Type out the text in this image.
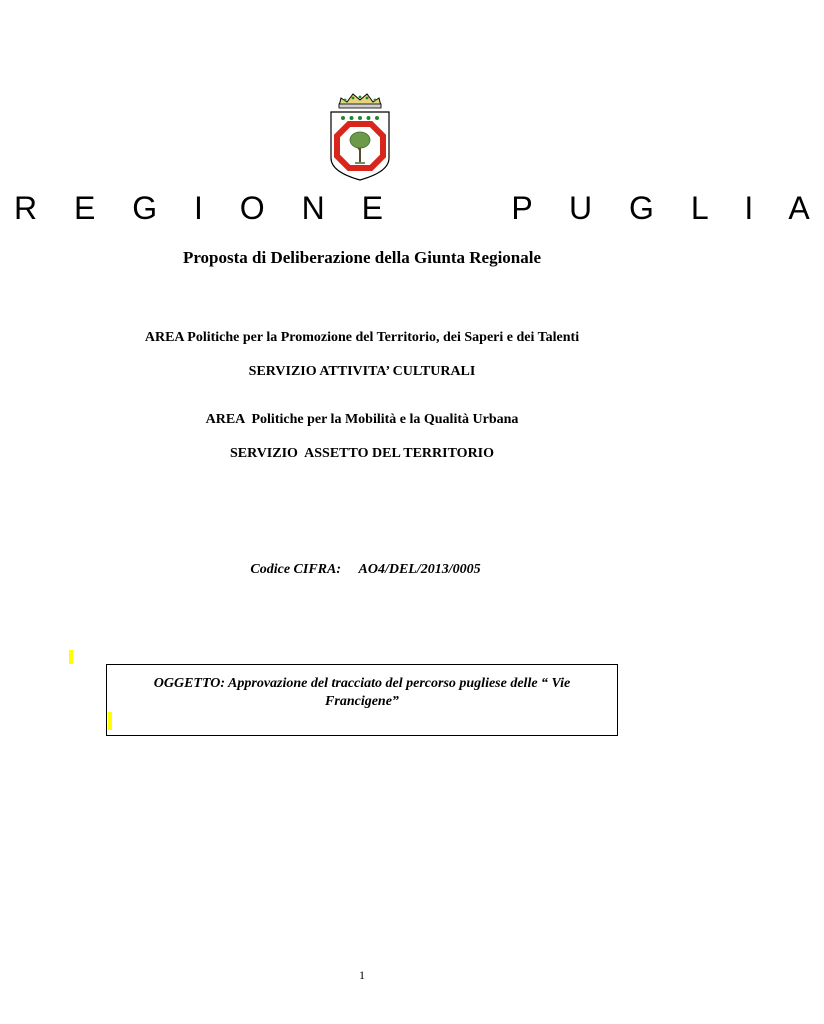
R E G I O N E     P U G L I A
Proposta di Deliberazione della Giunta Regionale
AREA Politiche per la Promozione del Territorio, dei Saperi e dei Talenti
SERVIZIO ATTIVITA’ CULTURALI
AREA  Politiche per la Mobilità e la Qualità Urbana
SERVIZIO  ASSETTO DEL TERRITORIO

Codice CIFRA: AO4/DEL/2013/0005

OGGETTO: Approvazione del tracciato del percorso pugliese delle “ Vie Francigene”
1
